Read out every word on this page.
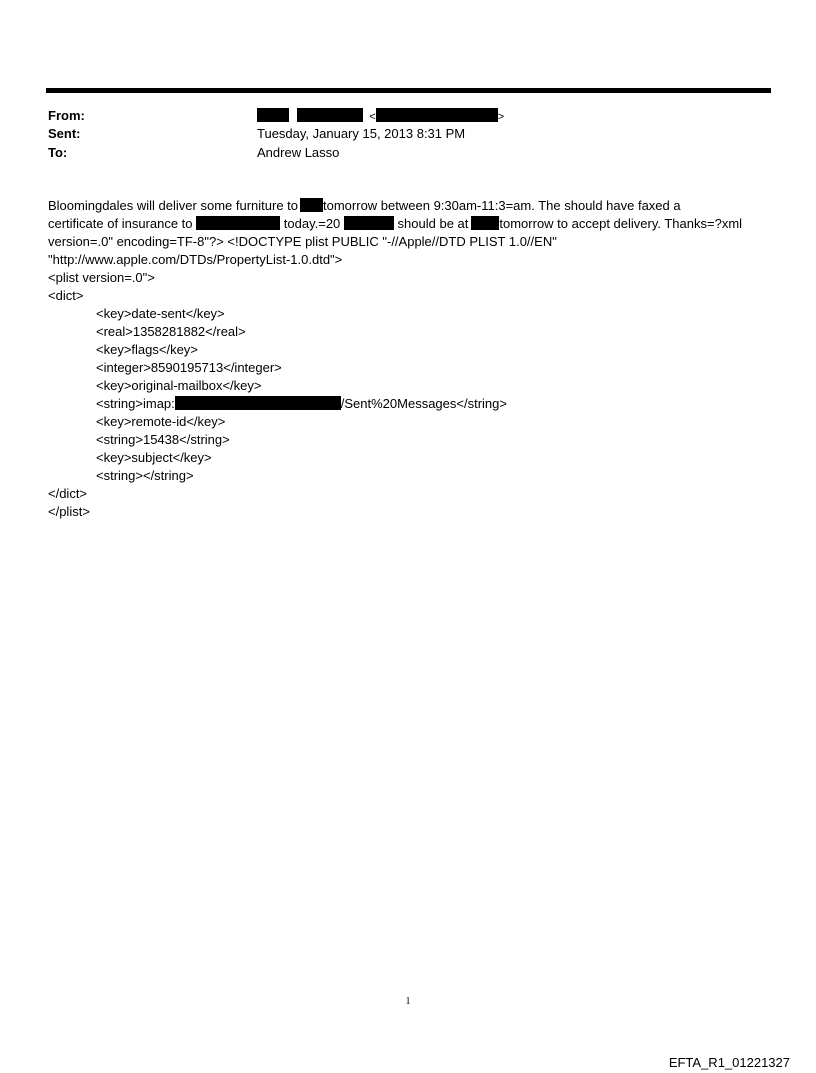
From:	<	>
Sent:	Tuesday, January 15, 2013 8:31 PM
To:	Andrew Lasso
Bloomingdales will deliver some furniture to tomorrow between 9:30am-11:3=am. The should have faxed a
certificate of insurance to	today.=20	should be at tomorrow to accept delivery. Thanks=?xml
version=.0" encoding=TF-8"?> <!DOCTYPE plist PUBLIC "-//Apple//DTD PLIST 1.0//EN"
"http://www.apple.com/DTDs/PropertyList-1.0.dtd">
<plist version=.0">
<dict>
<key>date-sent</key>
<real>1358281882</real>
<key>flags</key>
<integer>8590195713</integer>
<key>original-mailbox</key>
<string>imap:	/Sent%20Messages</string>
<key>remote-id</key>
<string>15438</string>
<key>subject</key>
<string></string>
</dict>
</plist>
1
EFTA_R1_01221327
